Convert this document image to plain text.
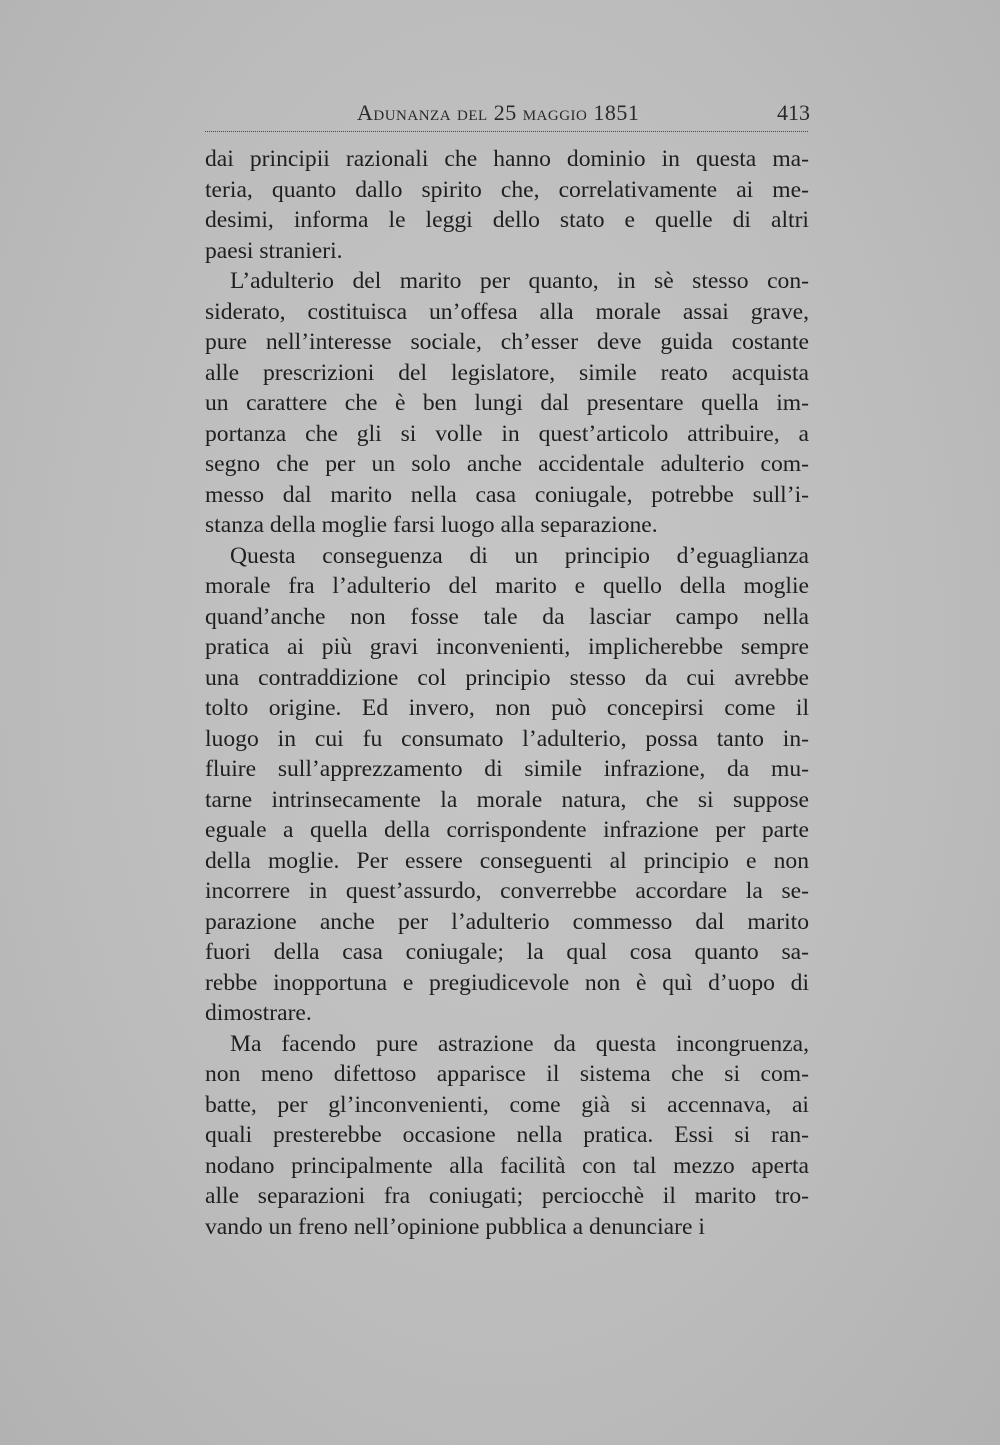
Adunanza del 25 maggio 1851	413
dai principii razionali che hanno dominio in questa ma-
teria, quanto dallo spirito che, correlativamente ai me-
desimi, informa le leggi dello stato e quelle di altri
paesi stranieri.
L’adulterio del marito per quanto, in sè stesso con-
siderato, costituisca un’offesa alla morale assai grave,
pure nell’interesse sociale, ch’esser deve guida costante
alle prescrizioni del legislatore, simile reato acquista
un carattere che è ben lungi dal presentare quella im-
portanza che gli si volle in quest’articolo attribuire, a
segno che per un solo anche accidentale adulterio com-
messo dal marito nella casa coniugale, potrebbe sull’i-
stanza della moglie farsi luogo alla separazione.
Questa conseguenza di un principio d’eguaglianza
morale fra l’adulterio del marito e quello della moglie
quand’anche non fosse tale da lasciar campo nella
pratica ai più gravi inconvenienti, implicherebbe sempre
una contraddizione col principio stesso da cui avrebbe
tolto origine. Ed invero, non può concepirsi come il
luogo in cui fu consumato l’adulterio, possa tanto in-
fluire sull’apprezzamento di simile infrazione, da mu-
tarne intrinsecamente la morale natura, che si suppose
eguale a quella della corrispondente infrazione per parte
della moglie. Per essere conseguenti al principio e non
incorrere in quest’assurdo, converrebbe accordare la se-
parazione anche per l’adulterio commesso dal marito
fuori della casa coniugale; la qual cosa quanto sa-
rebbe inopportuna e pregiudicevole non è quì d’uopo di
dimostrare.
Ma facendo pure astrazione da questa incongruenza,
non meno difettoso apparisce il sistema che si com-
batte, per gl’inconvenienti, come già si accennava, ai
quali presterebbe occasione nella pratica. Essi si ran-
nodano principalmente alla facilità con tal mezzo aperta
alle separazioni fra coniugati; perciocchè il marito tro-
vando un freno nell’opinione pubblica a denunciare i
